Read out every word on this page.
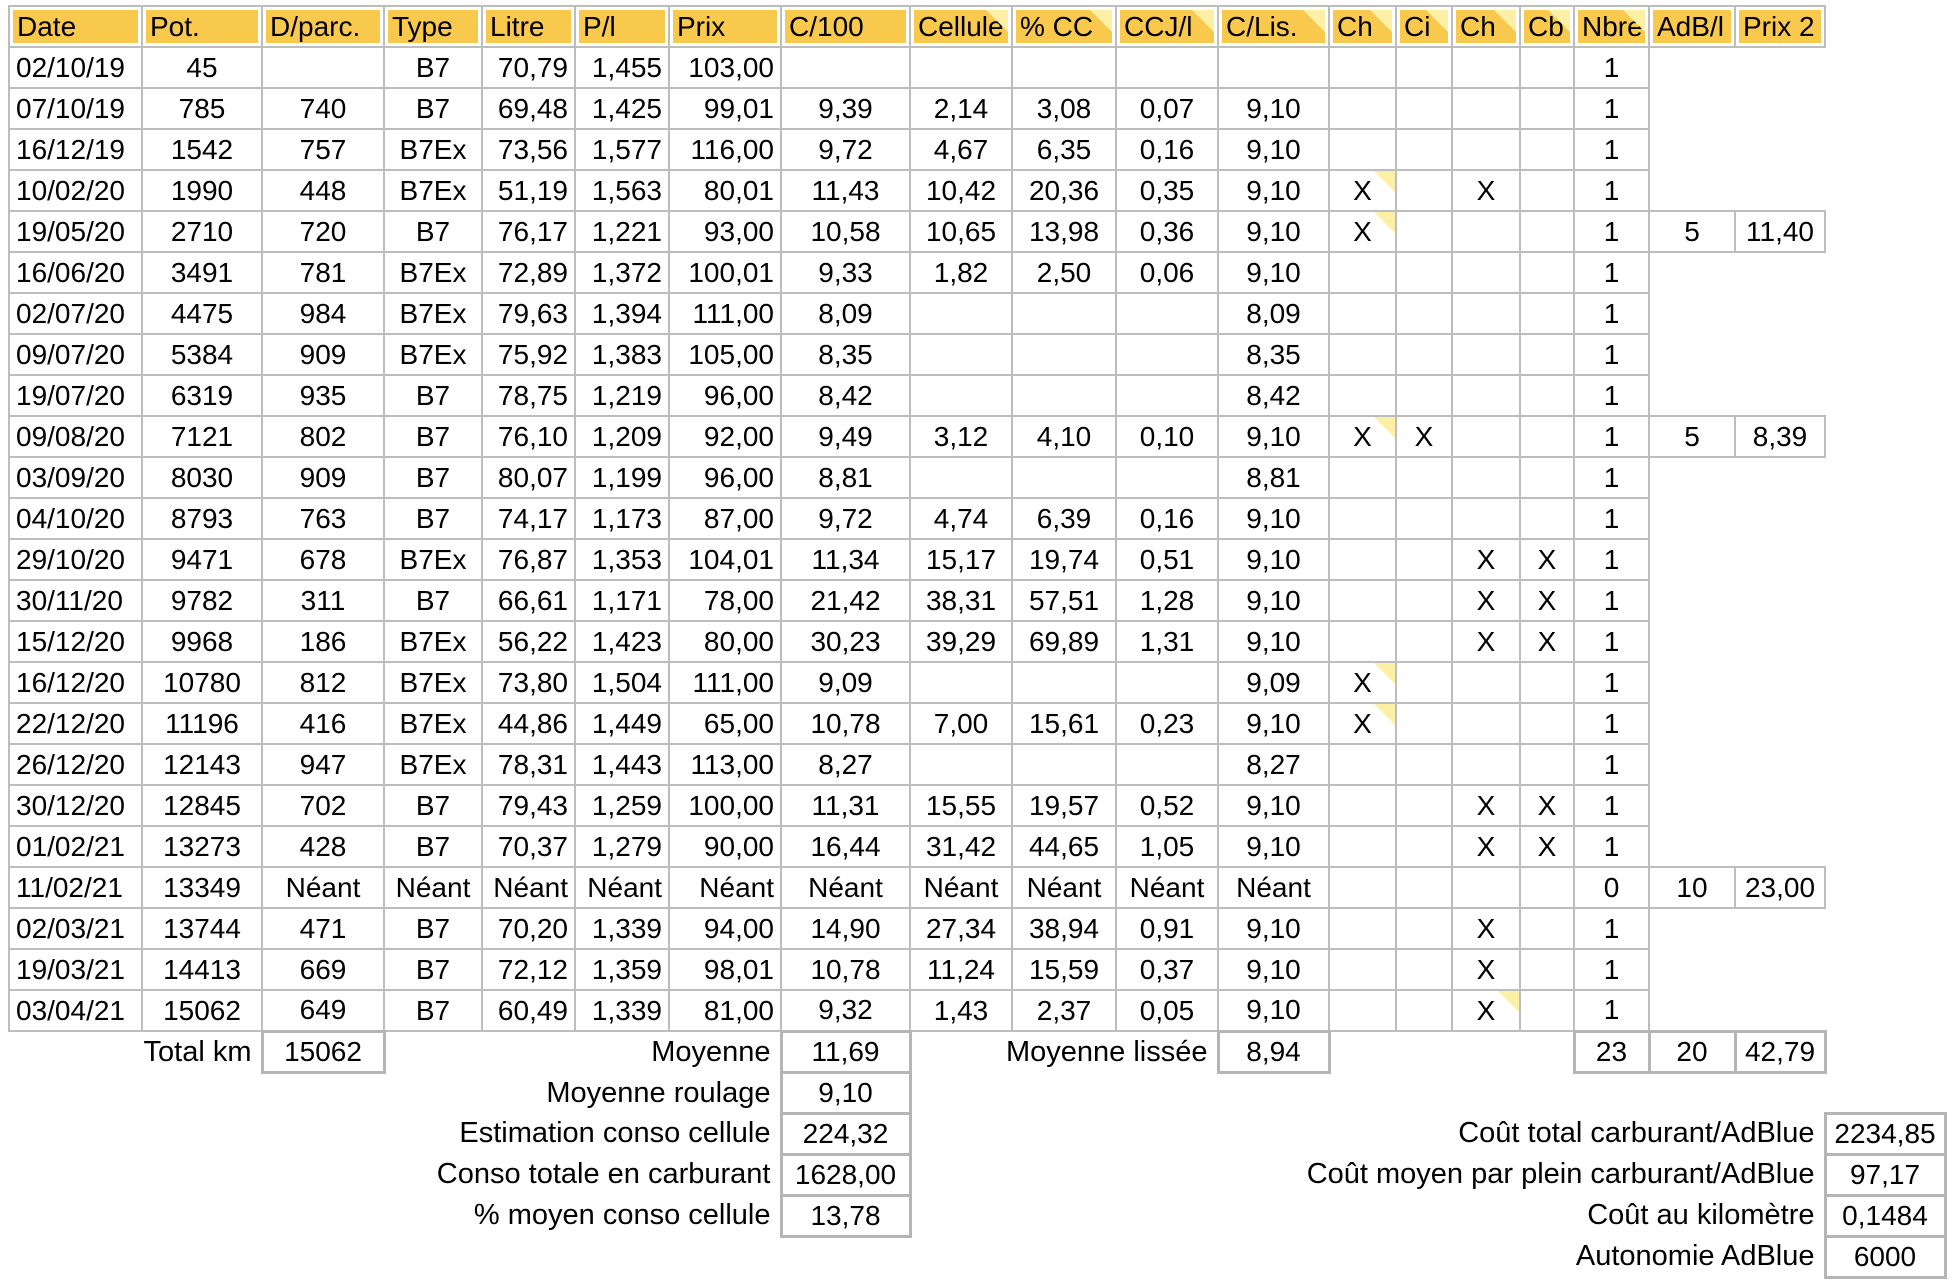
Date	Pot.	D/parc.	Type	Litre	P/l	Prix	C/100	Cellule	% CC	CCJ/l	C/Lis.	Ch	Ci	Ch	Cb	Nbre	AdB/l	Prix 2	
02/10/19	45		B7	70,79	1,455	103,00										1			
07/10/19	785	740	B7	69,48	1,425	99,01	9,39	2,14	3,08	0,07	9,10					1			
16/12/19	1542	757	B7Ex	73,56	1,577	116,00	9,72	4,67	6,35	0,16	9,10					1			
10/02/20	1990	448	B7Ex	51,19	1,563	80,01	11,43	10,42	20,36	0,35	9,10	X		X		1			
19/05/20	2710	720	B7	76,17	1,221	93,00	10,58	10,65	13,98	0,36	9,10	X				1	5	11,40	
16/06/20	3491	781	B7Ex	72,89	1,372	100,01	9,33	1,82	2,50	0,06	9,10					1			
02/07/20	4475	984	B7Ex	79,63	1,394	111,00	8,09				8,09					1			
09/07/20	5384	909	B7Ex	75,92	1,383	105,00	8,35				8,35					1			
19/07/20	6319	935	B7	78,75	1,219	96,00	8,42				8,42					1			
09/08/20	7121	802	B7	76,10	1,209	92,00	9,49	3,12	4,10	0,10	9,10	X	X			1	5	8,39	
03/09/20	8030	909	B7	80,07	1,199	96,00	8,81				8,81					1			
04/10/20	8793	763	B7	74,17	1,173	87,00	9,72	4,74	6,39	0,16	9,10					1			
29/10/20	9471	678	B7Ex	76,87	1,353	104,01	11,34	15,17	19,74	0,51	9,10			X	X	1			
30/11/20	9782	311	B7	66,61	1,171	78,00	21,42	38,31	57,51	1,28	9,10			X	X	1			
15/12/20	9968	186	B7Ex	56,22	1,423	80,00	30,23	39,29	69,89	1,31	9,10			X	X	1			
16/12/20	10780	812	B7Ex	73,80	1,504	111,00	9,09				9,09	X				1			
22/12/20	11196	416	B7Ex	44,86	1,449	65,00	10,78	7,00	15,61	0,23	9,10	X				1			
26/12/20	12143	947	B7Ex	78,31	1,443	113,00	8,27				8,27					1			
30/12/20	12845	702	B7	79,43	1,259	100,00	11,31	15,55	19,57	0,52	9,10			X	X	1			
01/02/21	13273	428	B7	70,37	1,279	90,00	16,44	31,42	44,65	1,05	9,10			X	X	1			
11/02/21	13349	Néant	Néant	Néant	Néant	Néant	Néant	Néant	Néant	Néant	Néant					0	10	23,00	
02/03/21	13744	471	B7	70,20	1,339	94,00	14,90	27,34	38,94	0,91	9,10			X		1			
19/03/21	14413	669	B7	72,12	1,359	98,01	10,78	11,24	15,59	0,37	9,10			X		1			
03/04/21	15062	649	B7	60,49	1,339	81,00	9,32	1,43	2,37	0,05	9,10			X		1			
Total km		15062	Moyenne				11,69	Moyenne lissée			8,94					23	20	42,79	
Moyenne roulage							9,10												
Estimation conso cellule							224,32	Coût total carburant/AdBlue											2234,85
Conso totale en carburant							1628,00	Coût moyen par plein carburant/AdBlue											97,17
% moyen conso cellule							13,78	Coût au kilomètre											0,1484
								Autonomie AdBlue											6000
